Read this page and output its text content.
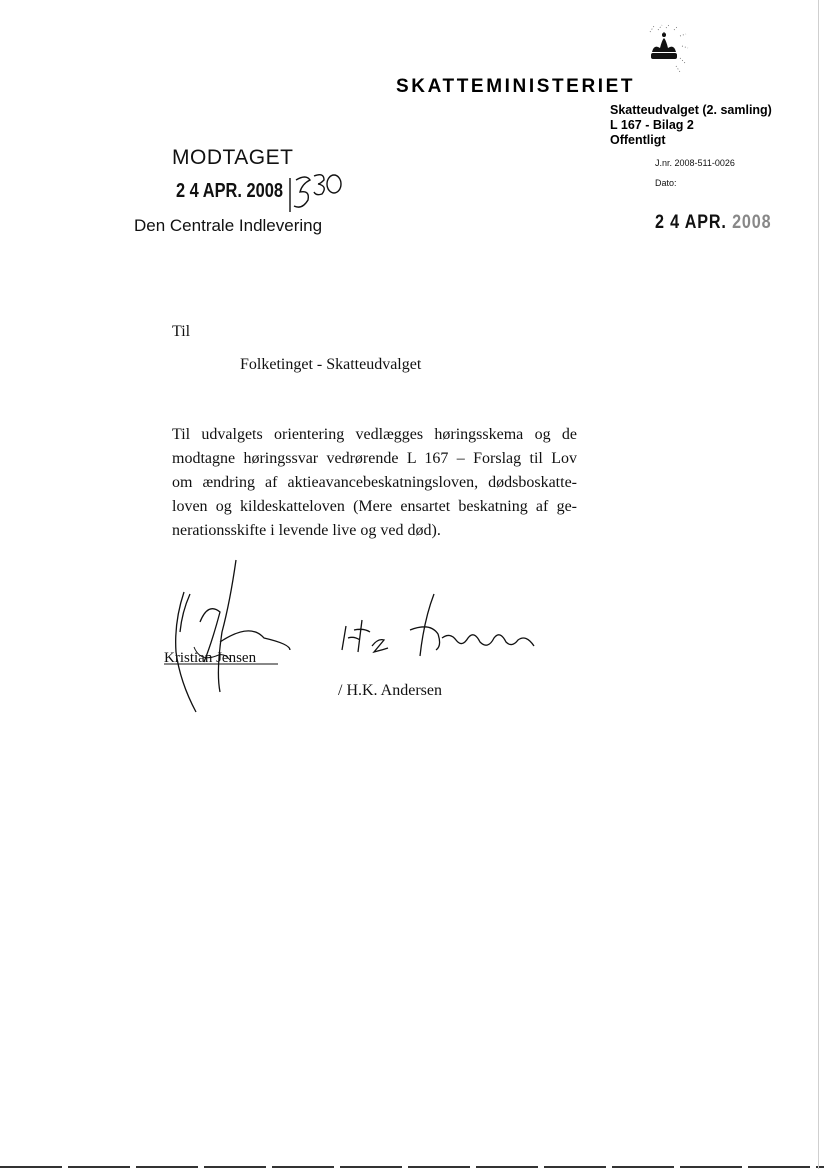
SKATTEMINISTERIET
Skatteudvalget (2. samling)
L 167 - Bilag 2
Offentligt
J.nr. 2008-511-0026
Dato:
2 4 APR. 2008
MODTAGET
2 4 APR. 2008
Den Centrale Indlevering
Til
Folketinget - Skatteudvalget
Til udvalgets orientering vedlægges høringsskema og de
modtagne høringssvar vedrørende L 167 – Forslag til Lov
om ændring af aktieavancebeskatningsloven, dødsboskatte-
loven og kildeskatteloven (Mere ensartet beskatning af ge-
nerationsskifte i levende live og ved død).
Kristian Jensen
/ H.K. Andersen
